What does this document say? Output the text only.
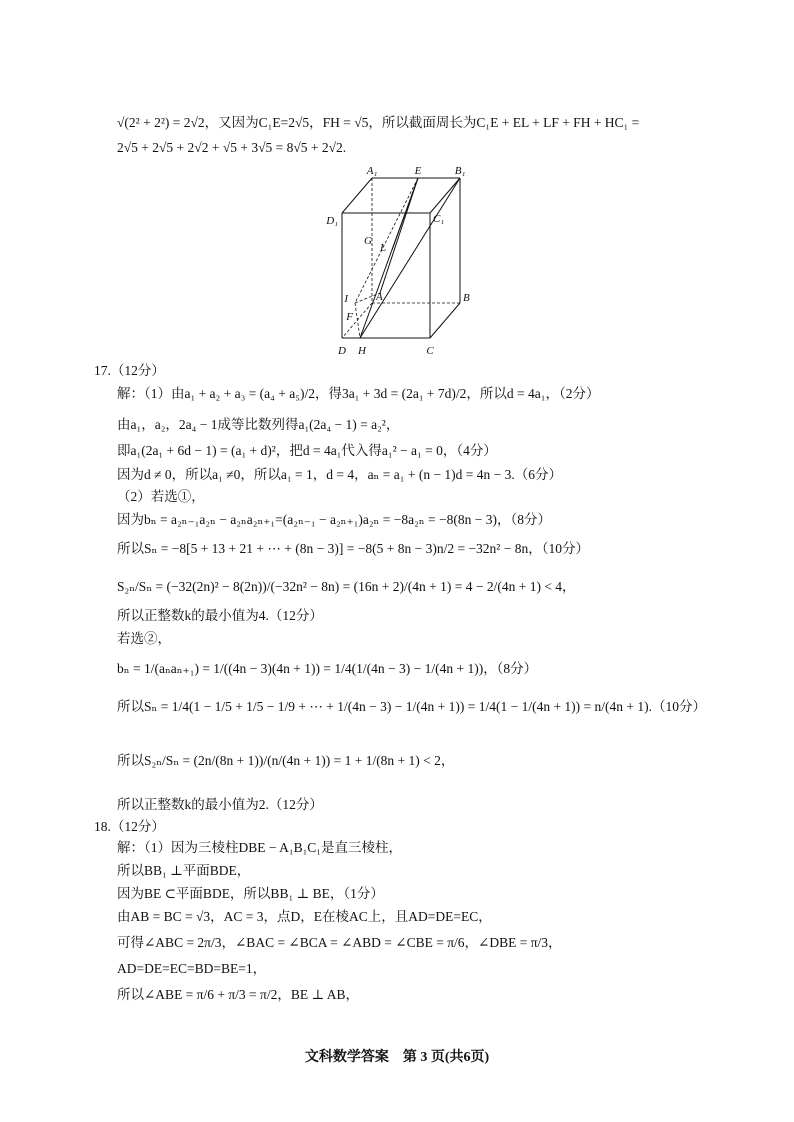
√(2² + 2²) = 2√2，又因为C₁E=2√5，FH = √5，所以截面周长为C₁E + EL + LF + FH + HC₁ =
2√5 + 2√5 + 2√2 + √5 + 3√5 = 8√5 + 2√2.
A₁	E	B₁
D₁	C₁
G
L
I	A	B
F
D H	C
17.（12分）
解：（1）由a₁ + a₂ + a₃ = (a₄ + a₅)/2，得3a₁ + 3d = (2a₁ + 7d)/2，所以d = 4a₁，（2分）
由a₁，a₂，2a₄ − 1成等比数列得a₁(2a₄ − 1) = a₂²，
即a₁(2a₁ + 6d − 1) = (a₁ + d)²，把d = 4a₁代入得a₁² − a₁ = 0，（4分）
因为d ≠ 0，所以a₁ ≠0，所以a₁ = 1，d = 4，aₙ = a₁ + (n − 1)d = 4n − 3.（6分）
（2）若选①，
因为bₙ = a₂ₙ₋₁a₂ₙ − a₂ₙa₂ₙ₊₁=(a₂ₙ₋₁ − a₂ₙ₊₁)a₂ₙ = −8a₂ₙ = −8(8n − 3)，（8分）
所以Sₙ = −8[5 + 13 + 21 + ⋯ + (8n − 3)] = −8(5 + 8n − 3)n/2 = −32n² − 8n，（10分）
S₂ₙ/Sₙ = (−32(2n)² − 8(2n))/(−32n² − 8n) = (16n + 2)/(4n + 1) = 4 − 2/(4n + 1) < 4，
所以正整数k的最小值为4.（12分）
若选②，
bₙ = 1/(aₙaₙ₊₁) = 1/((4n − 3)(4n + 1)) = 1/4(1/(4n − 3) − 1/(4n + 1))，（8分）
所以Sₙ = 1/4(1 − 1/5 + 1/5 − 1/9 + ⋯ + 1/(4n − 3) − 1/(4n + 1)) = 1/4(1 − 1/(4n + 1)) = n/(4n + 1).（10分）
所以S₂ₙ/Sₙ = (2n/(8n + 1))/(n/(4n + 1)) = 1 + 1/(8n + 1) < 2，
所以正整数k的最小值为2.（12分）
18.（12分）
解：（1）因为三棱柱DBE − A₁B₁C₁是直三棱柱，
所以BB₁ ⊥平面BDE，
因为BE ⊂平面BDE，所以BB₁ ⊥ BE，（1分）
由AB = BC = √3，AC = 3，点D，E在棱AC上，且AD=DE=EC，
可得∠ABC = 2π/3，∠BAC = ∠BCA = ∠ABD = ∠CBE = π/6，∠DBE = π/3，
AD=DE=EC=BD=BE=1，
所以∠ABE = π/6 + π/3 = π/2，BE ⊥ AB，
文科数学答案　第 3 页(共6页)
